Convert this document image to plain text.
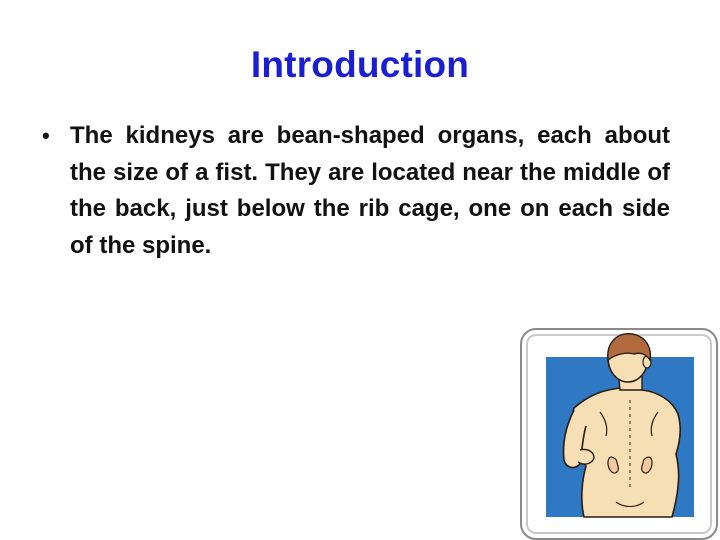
Introduction
• The kidneys are bean-shaped organs, each about the size of a fist. They are located near the middle of the back, just below the rib cage, one on each side of the spine.
